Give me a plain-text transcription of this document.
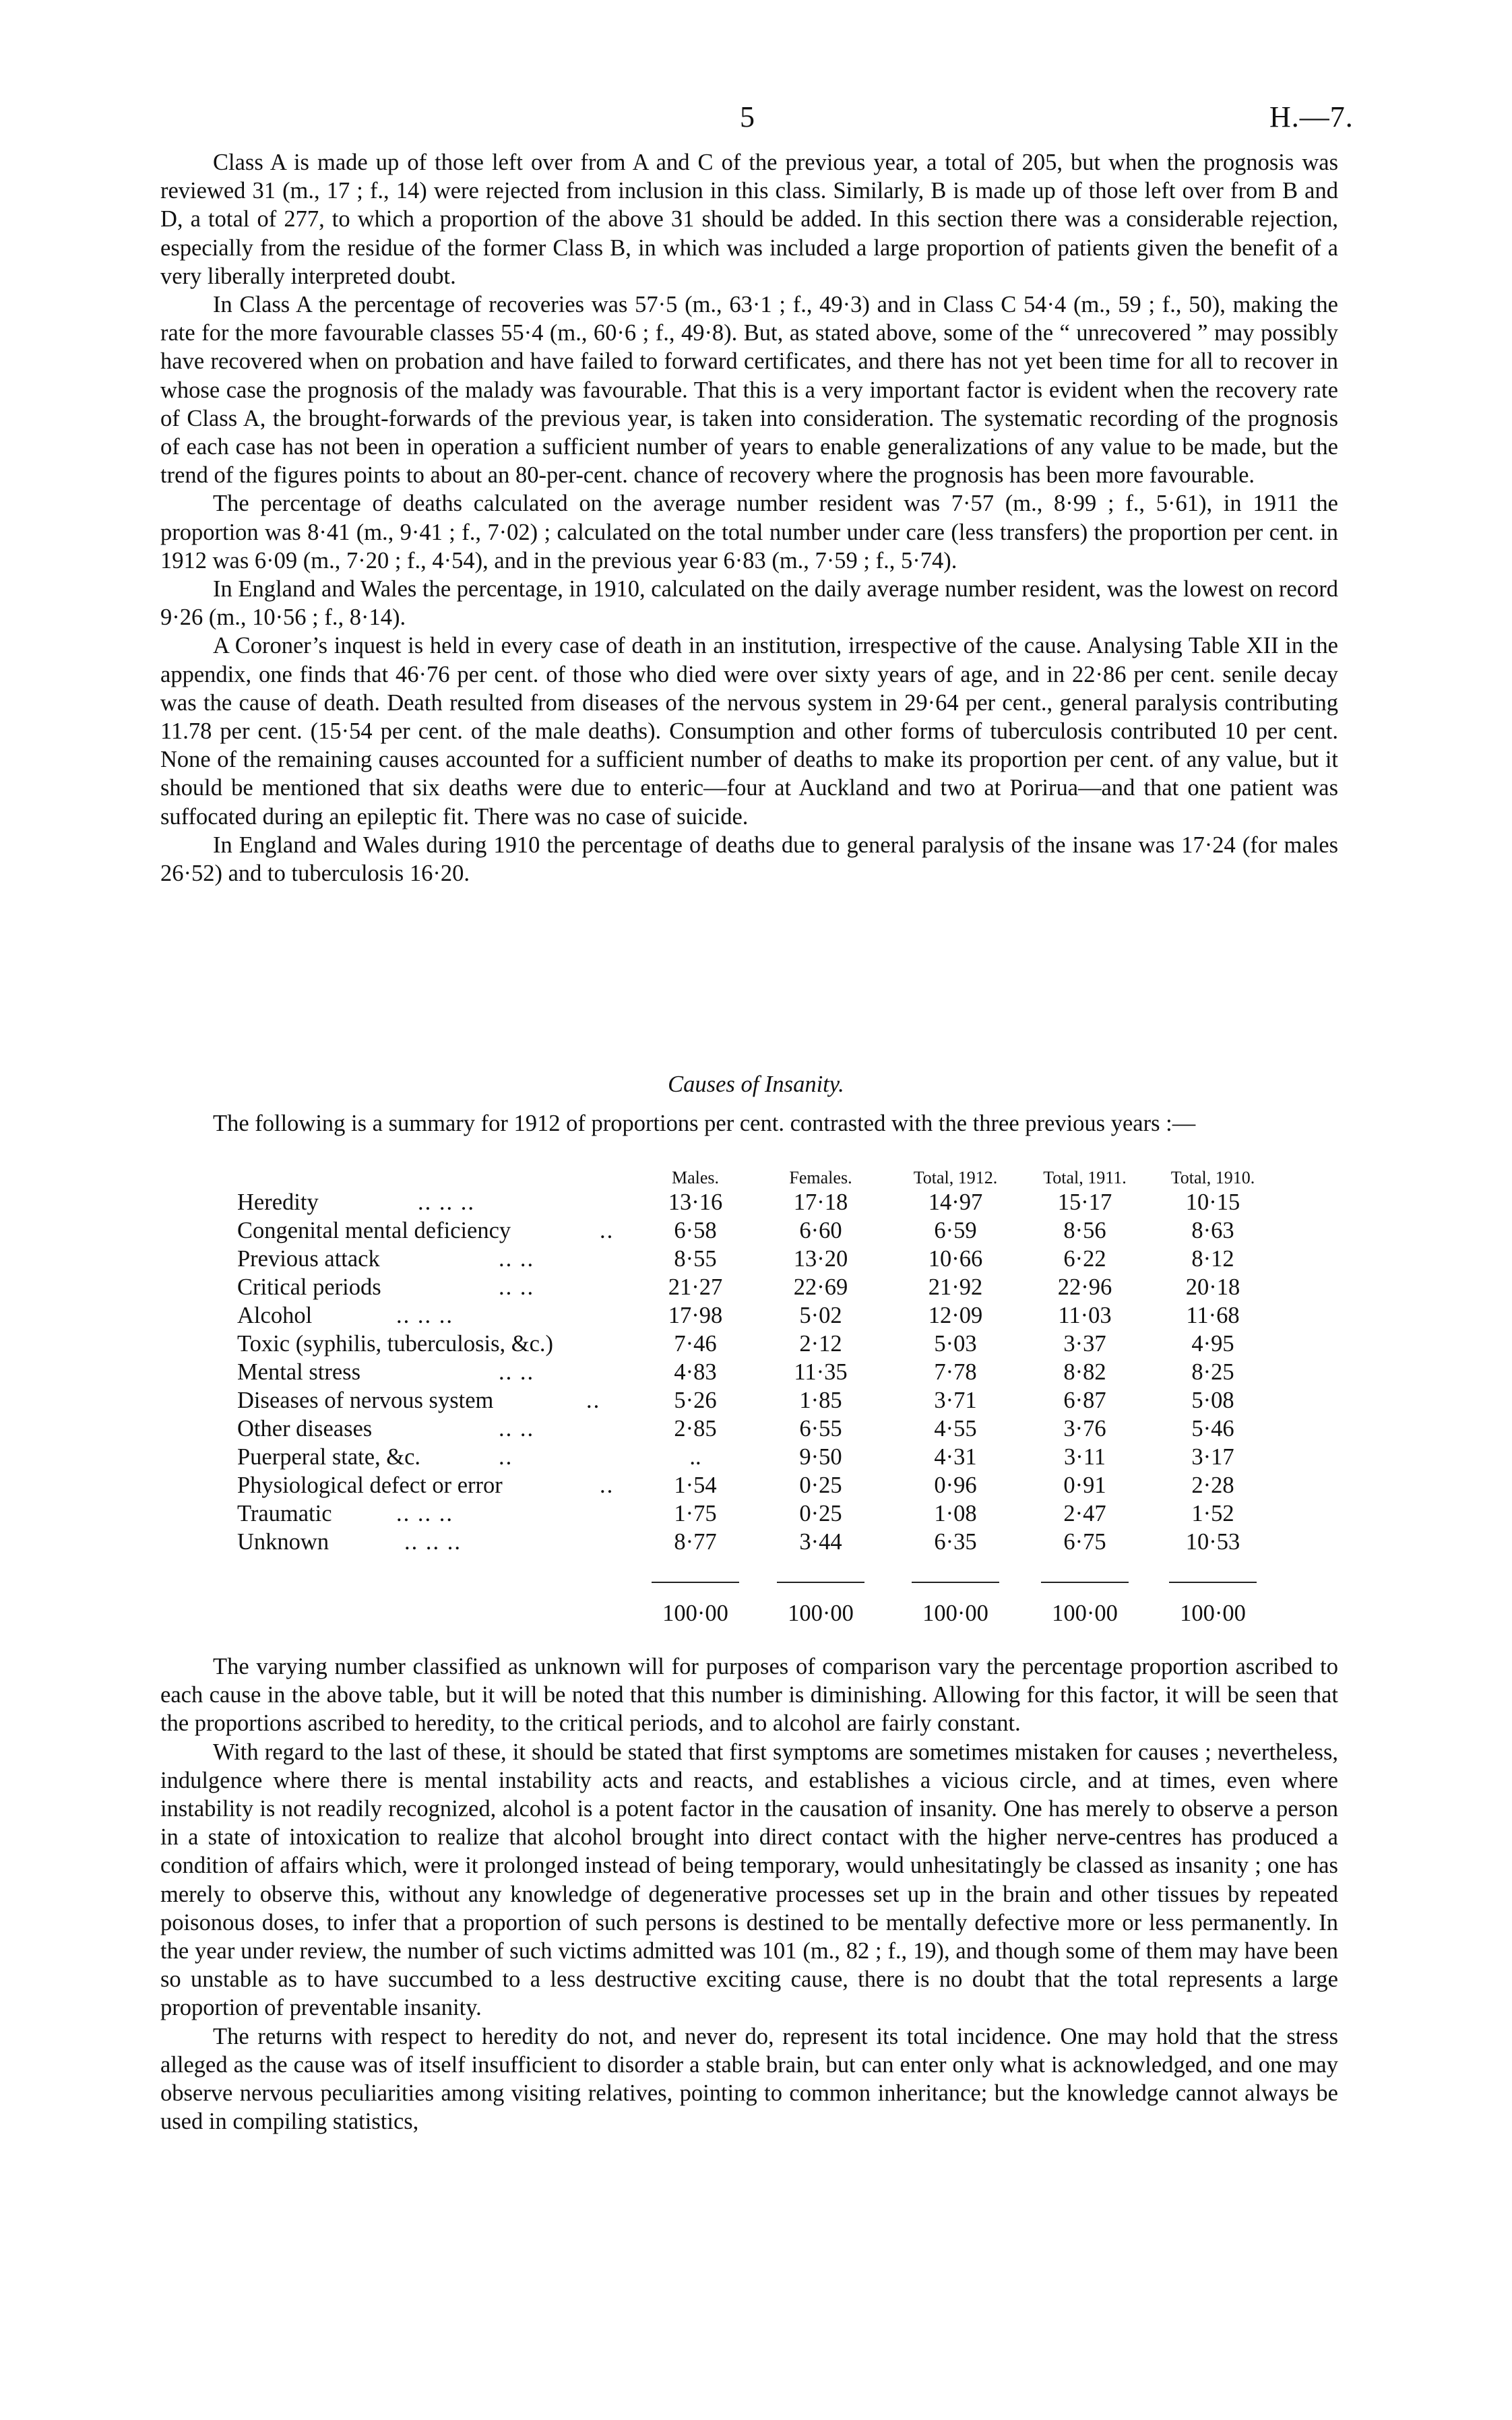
5	H.—7.

Class A is made up of those left over from A and C of the previous year, a total of 205, but when the prognosis was reviewed 31 (m., 17 ; f., 14) were rejected from inclusion in this class. Similarly, B is made up of those left over from B and D, a total of 277, to which a proportion of the above 31 should be added. In this section there was a considerable rejection, especially from the residue of the former Class B, in which was included a large proportion of patients given the benefit of a very liberally interpreted doubt.

In Class A the percentage of recoveries was 57·5 (m., 63·1 ; f., 49·3) and in Class C 54·4 (m., 59 ; f., 50), making the rate for the more favourable classes 55·4 (m., 60·6 ; f., 49·8). But, as stated above, some of the “ unrecovered ” may possibly have recovered when on probation and have failed to forward certificates, and there has not yet been time for all to recover in whose case the prognosis of the malady was favourable. That this is a very important factor is evident when the recovery rate of Class A, the brought-forwards of the previous year, is taken into consideration. The systematic recording of the prognosis of each case has not been in operation a sufficient number of years to enable generalizations of any value to be made, but the trend of the figures points to about an 80-per-cent. chance of recovery where the prognosis has been more favourable.

The percentage of deaths calculated on the average number resident was 7·57 (m., 8·99 ; f., 5·61), in 1911 the proportion was 8·41 (m., 9·41 ; f., 7·02) ; calculated on the total number under care (less transfers) the proportion per cent. in 1912 was 6·09 (m., 7·20 ; f., 4·54), and in the previous year 6·83 (m., 7·59 ; f., 5·74).

In England and Wales the percentage, in 1910, calculated on the daily average number resident, was the lowest on record 9·26 (m., 10·56 ; f., 8·14).

A Coroner’s inquest is held in every case of death in an institution, irrespective of the cause. Analysing Table XII in the appendix, one finds that 46·76 per cent. of those who died were over sixty years of age, and in 22·86 per cent. senile decay was the cause of death. Death resulted from diseases of the nervous system in 29·64 per cent., general paralysis contributing 11.78 per cent. (15·54 per cent. of the male deaths). Consumption and other forms of tuberculosis contributed 10 per cent. None of the remaining causes accounted for a sufficient number of deaths to make its proportion per cent. of any value, but it should be mentioned that six deaths were due to enteric—four at Auckland and two at Porirua—and that one patient was suffocated during an epileptic fit. There was no case of suicide.

In England and Wales during 1910 the percentage of deaths due to general paralysis of the insane was 17·24 (for males 26·52) and to tuberculosis 16·20.

Causes of Insanity.

The following is a summary for 1912 of proportions per cent. contrasted with the three previous years :—

Males.	Females.	Total, 1912.	Total, 1911.	Total, 1910.
Heredity	.. .. ..	13·16	17·18	14·97	15·17	10·15
Congenital mental deficiency	..	6·58	6·60	6·59	8·56	8·63
Previous attack	.. ..	8·55	13·20	10·66	6·22	8·12
Critical periods	.. ..	21·27	22·69	21·92	22·96	20·18
Alcohol	.. .. ..	17·98	5·02	12·09	11·03	11·68
Toxic (syphilis, tuberculosis, &c.)	7·46	2·12	5·03	3·37	4·95
Mental stress	.. ..	4·83	11·35	7·78	8·82	8·25
Diseases of nervous system	..	5·26	1·85	3·71	6·87	5·08
Other diseases	.. ..	2·85	6·55	4·55	3·76	5·46
Puerperal state, &c.	..	..	9·50	4·31	3·11	3·17
Physiological defect or error	..	1·54	0·25	0·96	0·91	2·28
Traumatic	.. .. ..	1·75	0·25	1·08	2·47	1·52
Unknown	.. .. ..	8·77	3·44	6·35	6·75	10·53
100·00	100·00	100·00	100·00	100·00

The varying number classified as unknown will for purposes of comparison vary the percentage proportion ascribed to each cause in the above table, but it will be noted that this number is diminishing. Allowing for this factor, it will be seen that the proportions ascribed to heredity, to the critical periods, and to alcohol are fairly constant.

With regard to the last of these, it should be stated that first symptoms are sometimes mistaken for causes ; nevertheless, indulgence where there is mental instability acts and reacts, and establishes a vicious circle, and at times, even where instability is not readily recognized, alcohol is a potent factor in the causation of insanity. One has merely to observe a person in a state of intoxication to realize that alcohol brought into direct contact with the higher nerve-centres has produced a condition of affairs which, were it prolonged instead of being temporary, would unhesitatingly be classed as insanity ; one has merely to observe this, without any knowledge of degenerative processes set up in the brain and other tissues by repeated poisonous doses, to infer that a proportion of such persons is destined to be mentally defective more or less permanently. In the year under review, the number of such victims admitted was 101 (m., 82 ; f., 19), and though some of them may have been so unstable as to have succumbed to a less destructive exciting cause, there is no doubt that the total represents a large proportion of preventable insanity.

The returns with respect to heredity do not, and never do, represent its total incidence. One may hold that the stress alleged as the cause was of itself insufficient to disorder a stable brain, but can enter only what is acknowledged, and one may observe nervous peculiarities among visiting relatives, pointing to common inheritance; but the knowledge cannot always be used in compiling statistics,
